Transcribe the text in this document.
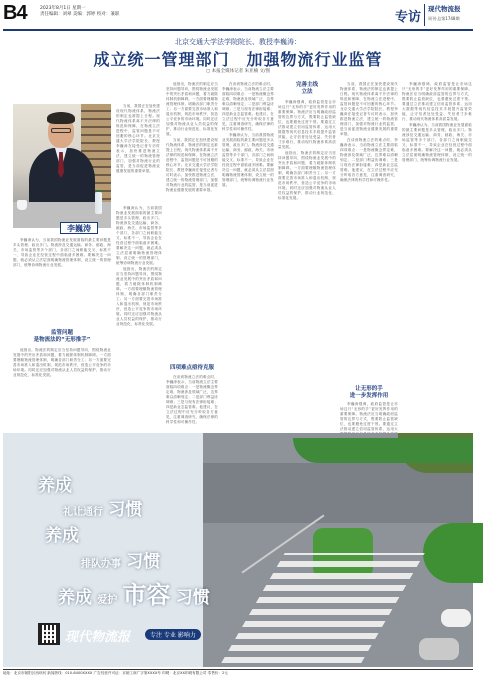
B4	2023年8月1日 星期一
责任编辑：刘翠 美编：郭婷 校对：兼职	专访
现代物流报
周刊·总第1748期
北京交通大学法学院院长、教授李巍涛：
成立统一管理部门　加强物流行业监管
▢ 本报全媒体记者 朱亚楠 文/图
李巍涛

当前，我国正在加快建设现代物流体系，物流法的制定也被提上日程。现代物流体系离不开法律的规范和保障，在物流立法进程中，监管问题是不可回避的核心环节。北京交通大学法学院院长、教授李巍涛在接受记者专访时表示，加快推进物流立法，建立统一的物流管理部门，加强对物流行业的监管，是当前促进物流业健康发展的重要举措。

李巍涛认为，当前我国物流业发展面临的最主要问题是多头管理、政出多门。物流涉及交通运输、商务、邮政、海关、市场监管等多个部门，各部门之间职能交叉、标准不一，导致企业在经营过程中面临诸多困难。要解决这一问题，就必须从立法层面明确物流管理体制，设立统一的管理部门，统筹协调物流行业发展。

监管问题
是物流法的“无形推手”

他指出，物流法的制定应当坚持问题导向，围绕物流业发展中的突出矛盾和问题，着力破除体制机制障碍。一方面要理顺物流管理体制，明确各部门职责分工；另一方面要完善市场准入和退出机制，规范市场秩序，营造公平竞争的市场环境。同时还应加强对物流从业人员权益的保护，推动行业规范化、标准化发展。

李巍涛认为，当前我国物流业发展面临的最主要问题是多头管理、政出多门。物流涉及交通运输、商务、邮政、海关、市场监管等多个部门，各部门之间职能交叉、标准不一，导致企业在经营过程中面临诸多困难。要解决这一问题，就必须从立法层面明确物流管理体制，设立统一的管理部门，统筹协调物流行业发展。

他指出，物流法的制定应当坚持问题导向，围绕物流业发展中的突出矛盾和问题，着力破除体制机制障碍。一方面要理顺物流管理体制，明确各部门职责分工；另一方面要完善市场准入和退出机制，规范市场秩序，营造公平竞争的市场环境。同时还应加强对物流从业人员权益的保护，推动行业规范化、标准化发展。

他指出，物流法的制定应当坚持问题导向，围绕物流业发展中的突出矛盾和问题，着力破除体制机制障碍。一方面要理顺物流管理体制，明确各部门职责分工；另一方面要完善市场准入和退出机制，规范市场秩序，营造公平竞争的市场环境。同时还应加强对物流从业人员权益的保护，推动行业规范化、标准化发展。

当前，我国正在加快建设现代物流体系，物流法的制定也被提上日程。现代物流体系离不开法律的规范和保障，在物流立法进程中，监管问题是不可回避的核心环节。北京交通大学法学院院长、教授李巍涛在接受记者专访时表示，加快推进物流立法，建立统一的物流管理部门，加强对物流行业的监管，是当前促进物流业健康发展的重要举措。

四项难点亟待克服

在谈到物流立法的难点时，李巍涛表示，当前物流立法主要面临四项难点：一是物流概念界定难，物流涉及领域广泛，边界难以清晰划定；二是部门利益协调难；三是与现有法律衔接难；四是新业态监管难。他建议，在立法过程中应充分听取各方意见，注重调查研究，确保法律的科学性和可操作性。

在谈到物流立法的难点时，李巍涛表示，当前物流立法主要面临四项难点：一是物流概念界定难，物流涉及领域广泛，边界难以清晰划定；二是部门利益协调难；三是与现有法律衔接难；四是新业态监管难。他建议，在立法过程中应充分听取各方意见，注重调查研究，确保法律的科学性和可操作性。

李巍涛认为，当前我国物流业发展面临的最主要问题是多头管理、政出多门。物流涉及交通运输、商务、邮政、海关、市场监管等多个部门，各部门之间职能交叉、标准不一，导致企业在经营过程中面临诸多困难。要解决这一问题，就必须从立法层面明确物流管理体制，设立统一的管理部门，统筹协调物流行业发展。

完善主线
立法

李巍涛强调，政府监管是让市场这只“无形的手”更好发挥作用的重要保障。物流法应当明确政府监管的边界与方式，既要防止监管缺位，也要避免过度干预。要通过立法推动建立信用监管体系，运用大数据等现代信息技术手段提升监管效能，让守信者处处受益、失信者寸步难行，推动现代物流体系高质量发展。

他指出，物流法的制定应当坚持问题导向，围绕物流业发展中的突出矛盾和问题，着力破除体制机制障碍。一方面要理顺物流管理体制，明确各部门职责分工；另一方面要完善市场准入和退出机制，规范市场秩序，营造公平竞争的市场环境。同时还应加强对物流从业人员权益的保护，推动行业规范化、标准化发展。

当前，我国正在加快建设现代物流体系，物流法的制定也被提上日程。现代物流体系离不开法律的规范和保障，在物流立法进程中，监管问题是不可回避的核心环节。北京交通大学法学院院长、教授李巍涛在接受记者专访时表示，加快推进物流立法，建立统一的物流管理部门，加强对物流行业的监管，是当前促进物流业健康发展的重要举措。

在谈到物流立法的难点时，李巍涛表示，当前物流立法主要面临四项难点：一是物流概念界定难，物流涉及领域广泛，边界难以清晰划定；二是部门利益协调难；三是与现有法律衔接难；四是新业态监管难。他建议，在立法过程中应充分听取各方意见，注重调查研究，确保法律的科学性和可操作性。

让无形的手
进一步发挥作用

李巍涛强调，政府监管是让市场这只“无形的手”更好发挥作用的重要保障。物流法应当明确政府监管的边界与方式，既要防止监管缺位，也要避免过度干预。要通过立法推动建立信用监管体系，运用大

李巍涛强调，政府监管是让市场这只“无形的手”更好发挥作用的重要保障。物流法应当明确政府监管的边界与方式，既要防止监管缺位，也要避免过度干预。要通过立法推动建立信用监管体系，运用大数据等现代信息技术手段提升监管效能，让守信者处处受益、失信者寸步难行，推动现代物流体系高质量发展。

李巍涛认为，当前我国物流业发展面临的最主要问题是多头管理、政出多门。物流涉及交通运输、商务、邮政、海关、市场监管等多个部门，各部门之间职能交叉、标准不一，导致企业在经营过程中面临诸多困难。要解决这一问题，就必须从立法层面明确物流管理体制，设立统一的管理部门，统筹协调物流行业发展。

养成
礼让通行 习惯
养成
排队办事 习惯
养成 爱护 市容 习惯
现代物流报	专注 专业 影响力
地址：北京市朝阳区西坝河 新闻热线：010-6400XXXX 广告经营许可证：京朝工商广字第XXXX号 印刷：北京XX印刷有限公司 零售价：2元
